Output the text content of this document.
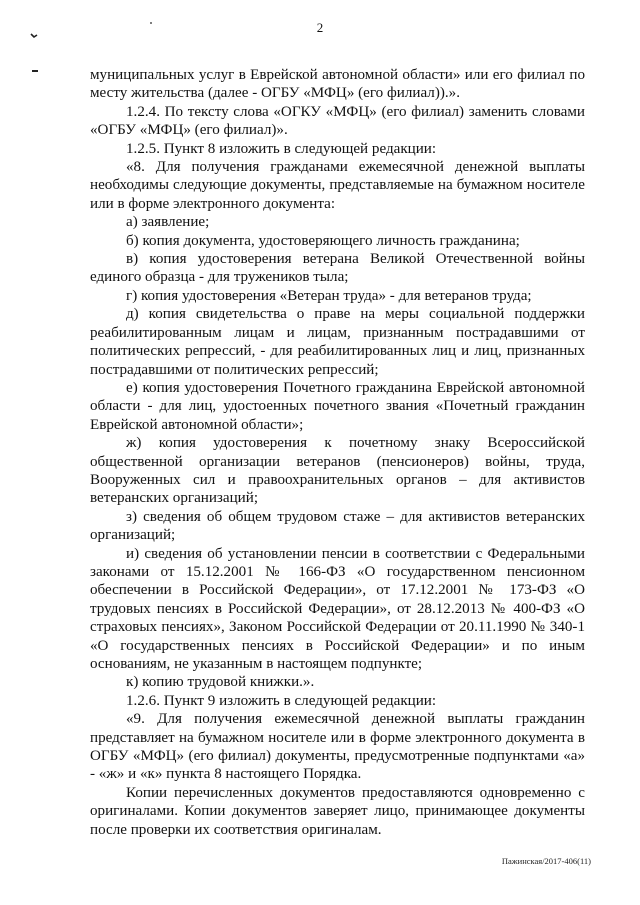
2

муниципальных услуг в Еврейской автономной области» или его филиал по месту жительства (далее - ОГБУ «МФЦ» (его филиал)).».

1.2.4. По тексту слова «ОГКУ «МФЦ» (его филиал) заменить словами «ОГБУ «МФЦ» (его филиал)».

1.2.5. Пункт 8 изложить в следующей редакции:

«8. Для получения гражданами ежемесячной денежной выплаты необходимы следующие документы, представляемые на бумажном носителе или в форме электронного документа:

а) заявление;

б) копия документа, удостоверяющего личность гражданина;

в) копия удостоверения ветерана Великой Отечественной войны единого образца - для тружеников тыла;

г) копия удостоверения «Ветеран труда» - для ветеранов труда;

д) копия свидетельства о праве на меры социальной поддержки реабилитированным лицам и лицам, признанным пострадавшими от политических репрессий, - для реабилитированных лиц и лиц, признанных пострадавшими от политических репрессий;

е) копия удостоверения Почетного гражданина Еврейской автономной области - для лиц, удостоенных почетного звания «Почетный гражданин Еврейской автономной области»;

ж) копия удостоверения к почетному знаку Всероссийской общественной организации ветеранов (пенсионеров) войны, труда, Вооруженных сил и правоохранительных органов – для активистов ветеранских организаций;

з) сведения об общем трудовом стаже – для активистов ветеранских организаций;

и) сведения об установлении пенсии в соответствии с Федеральными законами от 15.12.2001 № 166-ФЗ «О государственном пенсионном обеспечении в Российской Федерации», от 17.12.2001 № 173-ФЗ «О трудовых пенсиях в Российской Федерации», от 28.12.2013 № 400-ФЗ «О страховых пенсиях», Законом Российской Федерации от 20.11.1990 № 340-1 «О государственных пенсиях в Российской Федерации» и по иным основаниям, не указанным в настоящем подпункте;

к) копию трудовой книжки.».

1.2.6. Пункт 9 изложить в следующей редакции:

«9. Для получения ежемесячной денежной выплаты гражданин представляет на бумажном носителе или в форме электронного документа в ОГБУ «МФЦ» (его филиал) документы, предусмотренные подпунктами «а» - «ж» и «к» пункта 8 настоящего Порядка.

Копии перечисленных документов предоставляются одновременно с оригиналами. Копии документов заверяет лицо, принимающее документы после проверки их соответствия оригиналам.

Пажинская/2017-406(11)
